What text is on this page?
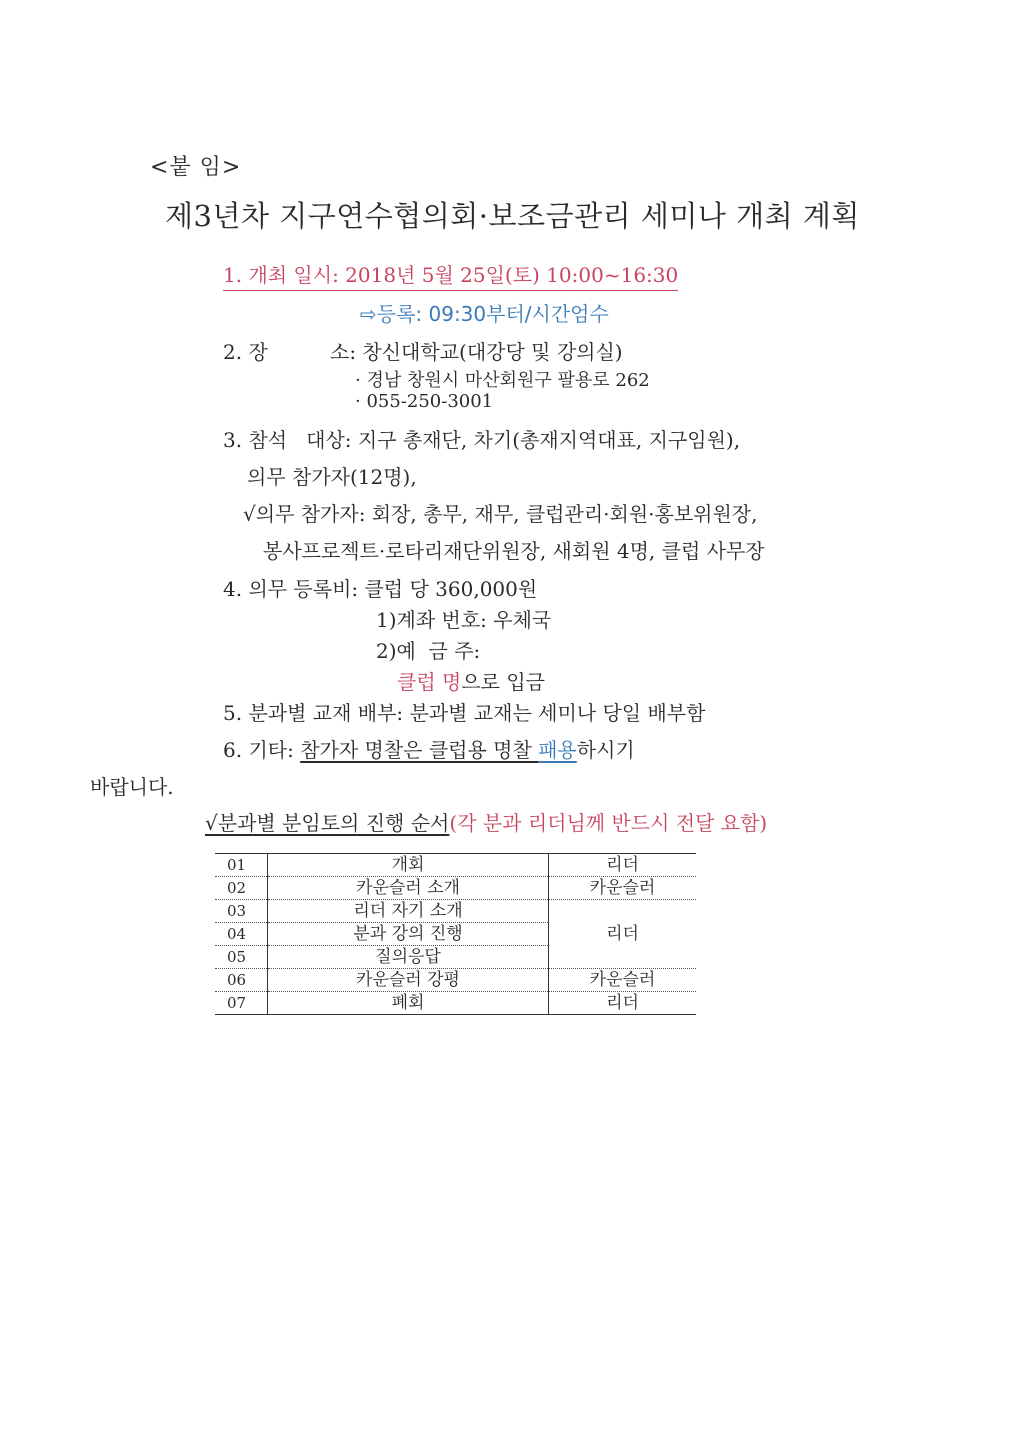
<붙 임>
제3년차 지구연수협의회·보조금관리 세미나 개최 계획
1. 개최 일시: 2018년 5월 25일(토) 10:00~16:30
⇨등록: 09:30부터/시간엄수
2. 장	소: 창신대학교(대강당 및 강의실)
· 경남 창원시 마산회원구 팔용로 262
· 055-250-3001
3. 참석   대상: 지구 총재단, 차기(총재지역대표, 지구임원),
의무 참가자(12명),
√의무 참가자: 회장, 총무, 재무, 클럽관리·회원·홍보위원장,
봉사프로젝트·로타리재단위원장, 새회원 4명, 클럽 사무장
4. 의무 등록비: 클럽 당 360,000원
1)계좌 번호: 우체국
2)예  금 주:
클럽 명으로 입금
5. 분과별 교재 배부: 분과별 교재는 세미나 당일 배부함
6. 기타: 참가자 명찰은 클럽용 명찰 패용하시기
바랍니다.
√분과별 분임토의 진행 순서(각 분과 리더님께 반드시 전달 요함)
01	개회	리더
02	카운슬러 소개	카운슬러
03	리더 자기 소개	리더
04	분과 강의 진행	
05	질의응답	
06	카운슬러 강평	카운슬러
07	폐회	리더
